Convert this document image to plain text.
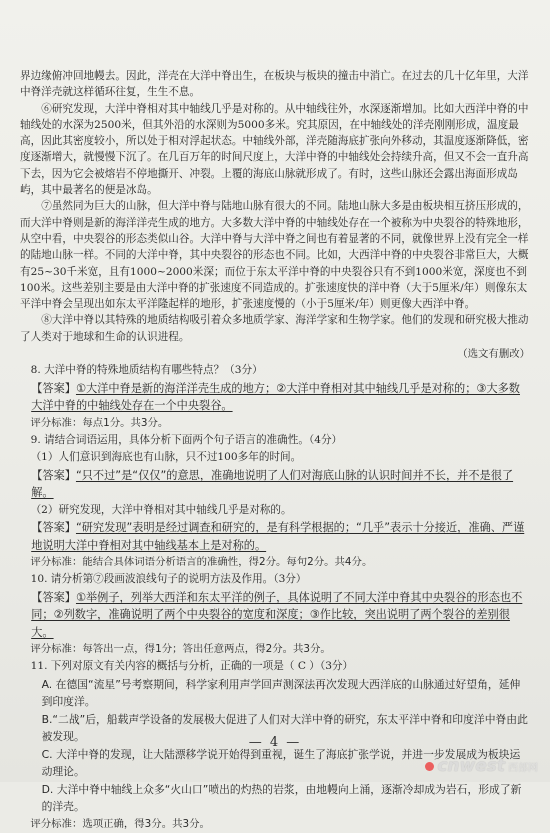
界边缘俯冲回地幔去。因此，洋壳在大洋中脊出生，在板块与板块的撞击中消亡。在过去的几十亿年里，大洋中脊洋壳就这样循环往复，生生不息。

⑥研究发现，大洋中脊相对其中轴线几乎是对称的。从中轴线往外，水深逐渐增加。比如大西洋中脊的中轴线处的水深为2500米，但其外沿的水深则为5000多米。究其原因，在中轴线处的洋壳刚刚形成，温度最高，因此其密度较小，所以处于相对浮起状态。中轴线外部，洋壳随海底扩张向外移动，其温度逐渐降低，密度逐渐增大，就慢慢下沉了。在几百万年的时间尺度上，大洋中脊的中轴线处会持续升高，但又不会一直升高下去，因为它会被熔岩不停地撕开、冲裂。上覆的海底山脉就形成了。有时，这些山脉还会露出海面形成岛屿，其中最著名的便是冰岛。

⑦虽然同为巨大的山脉，但大洋中脊与陆地山脉有很大的不同。陆地山脉大多是由板块相互挤压形成的，而大洋中脊则是新的海洋洋壳生成的地方。大多数大洋中脊的中轴线处存在一个被称为中央裂谷的特殊地形，从空中看，中央裂谷的形态类似山谷。大洋中脊与大洋中脊之间也有着显著的不同，就像世界上没有完全一样的陆地山脉一样。不同的大洋中脊，其中央裂谷的形态也不同。比如，大西洋中脊的中央裂谷非常巨大，大概有25~30千米宽，且有1000~2000米深；而位于东太平洋中脊的中央裂谷只有不到1000米宽，深度也不到100米。这些差别主要是由大洋中脊的扩张速度不同造成的。扩张速度快的洋中脊（大于5厘米/年）则像东太平洋中脊会呈现出如东太平洋隆起样的地形，扩张速度慢的（小于5厘米/年）则更像大西洋中脊。

⑧大洋中脊以其特殊的地质结构吸引着众多地质学家、海洋学家和生物学家。他们的发现和研究极大推动了人类对于地球和生命的认识进程。

（选文有删改）

8. 大洋中脊的特殊地质结构有哪些特点？（3分）

【答案】①大洋中脊是新的海洋洋壳生成的地方；②大洋中脊相对其中轴线几乎是对称的；③大多数大洋中脊的中轴线处存在一个中央裂谷。

评分标准：每点1分。共3分。

9. 请结合词语运用，具体分析下面两个句子语言的准确性。（4分）

（1）人们意识到海底也有山脉，只不过100多年的时间。

【答案】“只不过”是“仅仅”的意思，准确地说明了人们对海底山脉的认识时间并不长，并不是很了解。

（2）研究发现，大洋中脊相对其中轴线几乎是对称的。

【答案】“研究发现”表明是经过调查和研究的，是有科学根据的；“几乎”表示十分接近，准确、严谨地说明大洋中脊相对其中轴线基本上是对称的。

评分标准：能结合具体词语分析语言的准确性，得2分。每句2分。共4分。

10. 请分析第⑦段画波浪线句子的说明方法及作用。（3分）

【答案】①举例子，列举大西洋和东太平洋的例子，具体说明了不同大洋中脊其中央裂谷的形态也不同；②列数字，准确说明了两个中央裂谷的宽度和深度；③作比较，突出说明了两个裂谷的差别很大。

评分标准：每答出一点，得1分；答出任意两点，得2分。共3分。

11. 下列对原文有关内容的概括与分析，正确的一项是（ C ）（3分）

A. 在德国“流星”号考察期间，科学家利用声学回声测深法再次发现大西洋底的山脉通过好望角，延伸到印度洋。

B.“二战”后，船载声学设备的发展极大促进了人们对大洋中脊的研究，东太平洋中脊和印度洋中脊由此被发现。

C. 大洋中脊的发现，让大陆漂移学说开始得到重视，诞生了海底扩张学说，并进一步发展成为板块运动理论。

D. 大洋中脊中轴线上众多“火山口”喷出的灼热的岩浆，由地幔向上涌，逐渐冷却成为岩石，形成了新的洋壳。

评分标准：选项正确，得3分。共3分。

— 4 —
cnwest 西部网
